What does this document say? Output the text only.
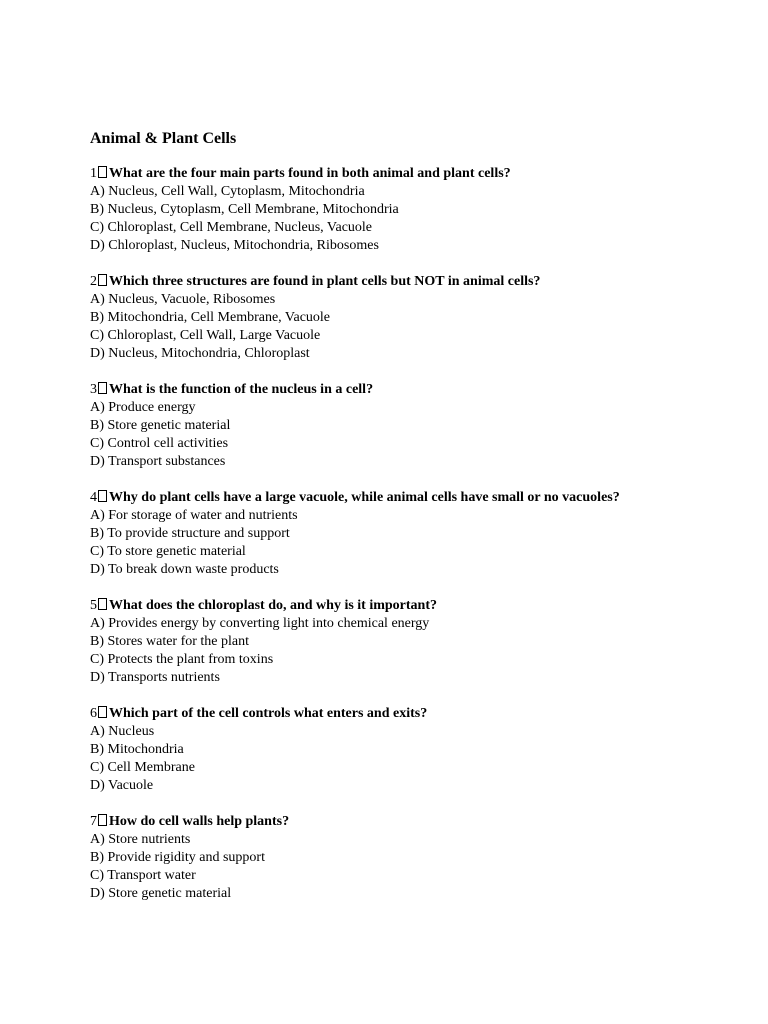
Animal & Plant Cells
1 What are the four main parts found in both animal and plant cells?
A) Nucleus, Cell Wall, Cytoplasm, Mitochondria
B) Nucleus, Cytoplasm, Cell Membrane, Mitochondria
C) Chloroplast, Cell Membrane, Nucleus, Vacuole
D) Chloroplast, Nucleus, Mitochondria, Ribosomes
2 Which three structures are found in plant cells but NOT in animal cells?
A) Nucleus, Vacuole, Ribosomes
B) Mitochondria, Cell Membrane, Vacuole
C) Chloroplast, Cell Wall, Large Vacuole
D) Nucleus, Mitochondria, Chloroplast
3 What is the function of the nucleus in a cell?
A) Produce energy
B) Store genetic material
C) Control cell activities
D) Transport substances
4 Why do plant cells have a large vacuole, while animal cells have small or no vacuoles?
A) For storage of water and nutrients
B) To provide structure and support
C) To store genetic material
D) To break down waste products
5 What does the chloroplast do, and why is it important?
A) Provides energy by converting light into chemical energy
B) Stores water for the plant
C) Protects the plant from toxins
D) Transports nutrients
6 Which part of the cell controls what enters and exits?
A) Nucleus
B) Mitochondria
C) Cell Membrane
D) Vacuole
7 How do cell walls help plants?
A) Store nutrients
B) Provide rigidity and support
C) Transport water
D) Store genetic material
